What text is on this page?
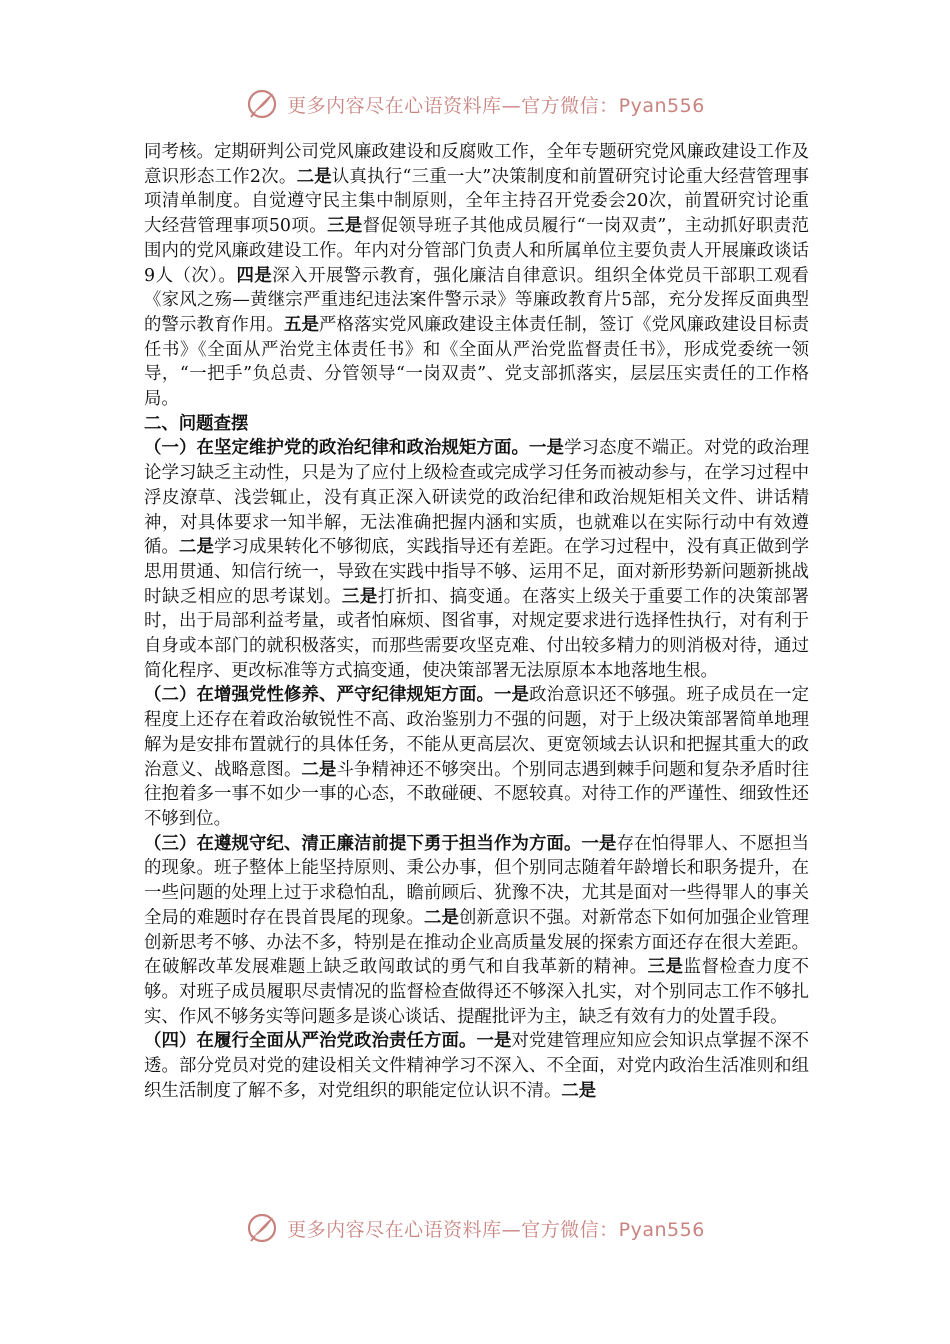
更多内容尽在心语资料库—官方微信：Pyan556

同考核。定期研判公司党风廉政建设和反腐败工作，全年专题研究党风廉政建设工作及意识形态工作2次。二是认真执行“三重一大”决策制度和前置研究讨论重大经营管理事项清单制度。自觉遵守民主集中制原则，全年主持召开党委会20次，前置研究讨论重大经营管理事项50项。三是督促领导班子其他成员履行“一岗双责”，主动抓好职责范围内的党风廉政建设工作。年内对分管部门负责人和所属单位主要负责人开展廉政谈话9人（次）。四是深入开展警示教育，强化廉洁自律意识。组织全体党员干部职工观看《家风之殇—黄继宗严重违纪违法案件警示录》等廉政教育片5部，充分发挥反面典型的警示教育作用。五是严格落实党风廉政建设主体责任制，签订《党风廉政建设目标责任书》《全面从严治党主体责任书》和《全面从严治党监督责任书》，形成党委统一领导，“一把手”负总责、分管领导“一岗双责”、党支部抓落实，层层压实责任的工作格局。

二、问题查摆

（一）在坚定维护党的政治纪律和政治规矩方面。一是学习态度不端正。对党的政治理论学习缺乏主动性，只是为了应付上级检查或完成学习任务而被动参与，在学习过程中浮皮潦草、浅尝辄止，没有真正深入研读党的政治纪律和政治规矩相关文件、讲话精神，对具体要求一知半解，无法准确把握内涵和实质，也就难以在实际行动中有效遵循。二是学习成果转化不够彻底，实践指导还有差距。在学习过程中，没有真正做到学思用贯通、知信行统一，导致在实践中指导不够、运用不足，面对新形势新问题新挑战时缺乏相应的思考谋划。三是打折扣、搞变通。在落实上级关于重要工作的决策部署时，出于局部利益考量，或者怕麻烦、图省事，对规定要求进行选择性执行，对有利于自身或本部门的就积极落实，而那些需要攻坚克难、付出较多精力的则消极对待，通过简化程序、更改标准等方式搞变通，使决策部署无法原原本本地落地生根。

（二）在增强党性修养、严守纪律规矩方面。一是政治意识还不够强。班子成员在一定程度上还存在着政治敏锐性不高、政治鉴别力不强的问题，对于上级决策部署简单地理解为是安排布置就行的具体任务，不能从更高层次、更宽领域去认识和把握其重大的政治意义、战略意图。二是斗争精神还不够突出。个别同志遇到棘手问题和复杂矛盾时往往抱着多一事不如少一事的心态，不敢碰硬、不愿较真。对待工作的严谨性、细致性还不够到位。

（三）在遵规守纪、清正廉洁前提下勇于担当作为方面。一是存在怕得罪人、不愿担当的现象。班子整体上能坚持原则、秉公办事，但个别同志随着年龄增长和职务提升，在一些问题的处理上过于求稳怕乱，瞻前顾后、犹豫不决，尤其是面对一些得罪人的事关全局的难题时存在畏首畏尾的现象。二是创新意识不强。对新常态下如何加强企业管理创新思考不够、办法不多，特别是在推动企业高质量发展的探索方面还存在很大差距。在破解改革发展难题上缺乏敢闯敢试的勇气和自我革新的精神。三是监督检查力度不够。对班子成员履职尽责情况的监督检查做得还不够深入扎实，对个别同志工作不够扎实、作风不够务实等问题多是谈心谈话、提醒批评为主，缺乏有效有力的处置手段。

（四）在履行全面从严治党政治责任方面。一是对党建管理应知应会知识点掌握不深不透。部分党员对党的建设相关文件精神学习不深入、不全面，对党内政治生活准则和组织生活制度了解不多，对党组织的职能定位认识不清。二是

更多内容尽在心语资料库—官方微信：Pyan556
